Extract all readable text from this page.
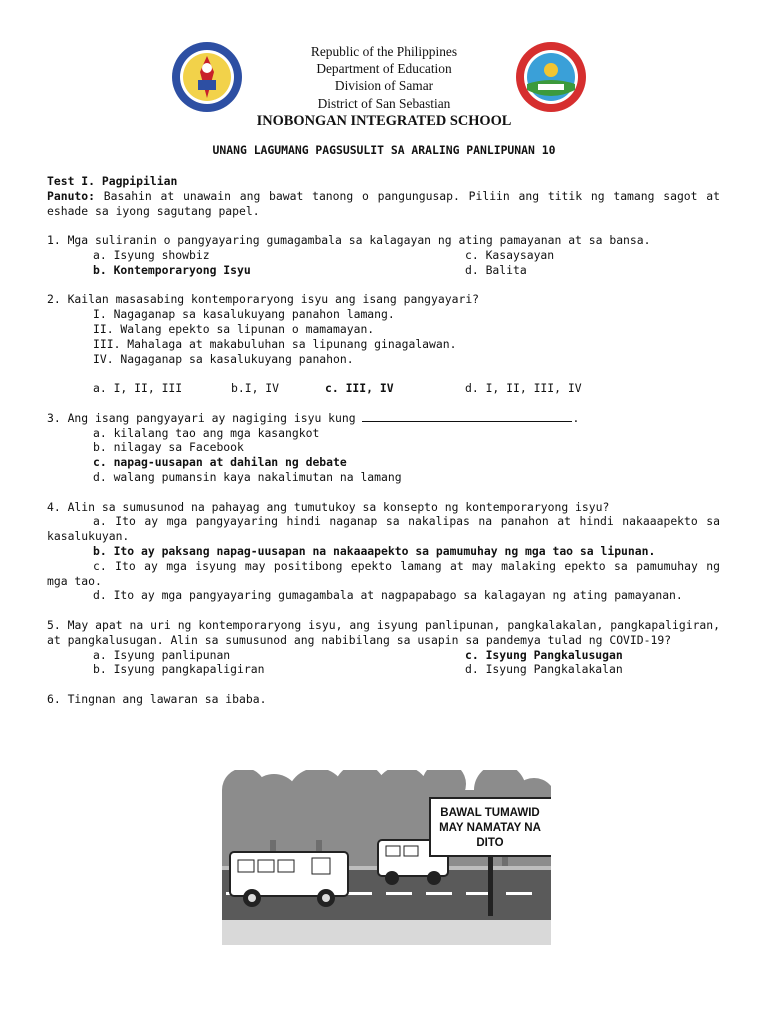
Republic of the Philippines
Department of Education
Division of Samar
District of San Sebastian
INOBONGAN INTEGRATED SCHOOL
UNANG LAGUMANG PAGSUSULIT SA ARALING PANLIPUNAN 10
Test I. Pagpipilian
Panuto: Basahin at unawain ang bawat tanong o pangungusap. Piliin ang titik ng tamang sagot at eshade sa iyong sagutang papel.
1. Mga suliranin o pangyayaring gumagambala sa kalagayan ng ating pamayanan at sa bansa.
a. Isyung showbiz	c. Kasaysayan
b. Kontemporaryong Isyu	d. Balita
2. Kailan masasabing kontemporaryong isyu ang isang pangyayari?
I. Nagaganap sa kasalukuyang panahon lamang.
II. Walang epekto sa lipunan o mamamayan.
III. Mahalaga at makabuluhan sa lipunang ginagalawan.
IV. Nagaganap sa kasalukuyang panahon.
a. I, II, III	b.I, IV	c. III, IV	d. I, II, III, IV
3. Ang isang pangyayari ay nagiging isyu kung	.
a. kilalang tao ang mga kasangkot
b. nilagay sa Facebook
c. napag-uusapan at dahilan ng debate
d. walang pumansin kaya nakalimutan na lamang
4. Alin sa sumusunod na pahayag ang tumutukoy sa konsepto ng kontemporaryong isyu?
a. Ito ay mga pangyayaring hindi naganap sa nakalipas na panahon at hindi nakaaapekto sa kasalukuyan.
b. Ito ay paksang napag-uusapan na nakaaapekto sa pamumuhay ng mga tao sa lipunan.
c. Ito ay mga isyung may positibong epekto lamang at may malaking epekto sa pamumuhay ng mga tao.
d. Ito ay mga pangyayaring gumagambala at nagpapabago sa kalagayan ng ating pamayanan.
5. May apat na uri ng kontemporaryong isyu, ang isyung panlipunan, pangkalakalan, pangkapaligiran, at pangkalusugan. Alin sa sumusunod ang nabibilang sa usapin sa pandemya tulad ng COVID-19?
a. Isyung panlipunan	c. Isyung Pangkalusugan
b. Isyung pangkapaligiran	d. Isyung Pangkalakalan
6. Tingnan ang lawaran sa ibaba.
BAWAL TUMAWID
MAY NAMATAY NA
DITO
